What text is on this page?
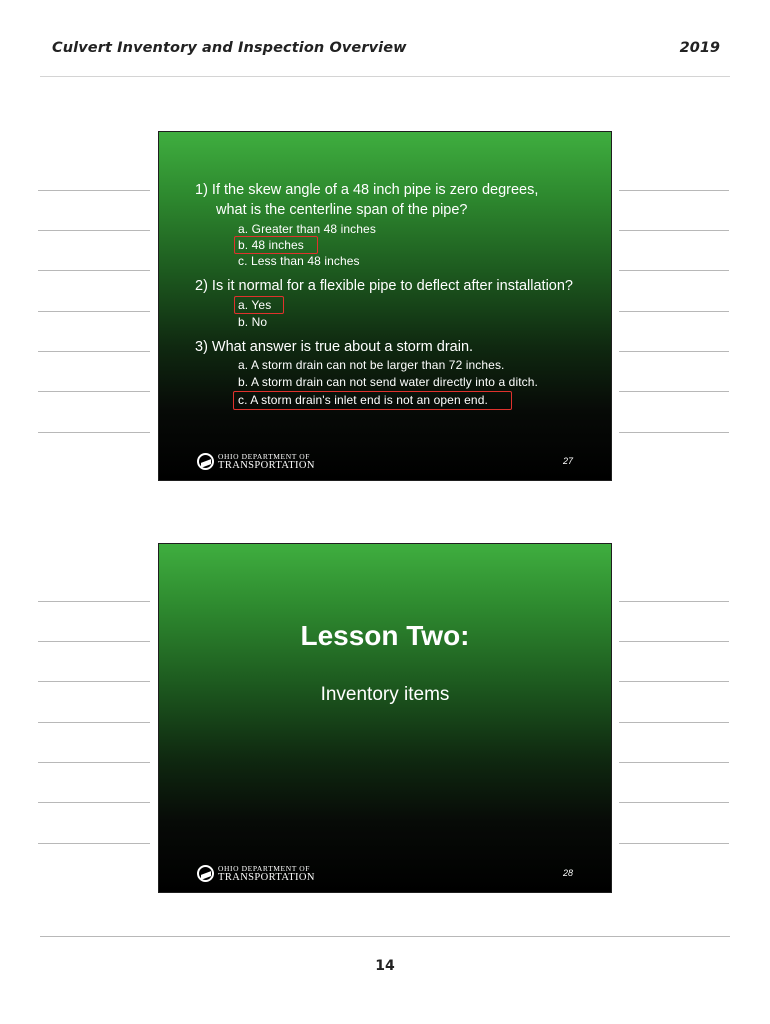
Culvert Inventory and Inspection Overview	2019
1) If the skew angle of a 48 inch pipe is zero degrees,
what is the centerline span of the pipe?
a. Greater than 48 inches
b. 48 inches
c. Less than 48 inches
2) Is it normal for a flexible pipe to deflect after installation?
a. Yes
b. No
3) What answer is true about a storm drain.
a. A storm drain can not be larger than 72 inches.
b. A storm drain can not send water directly into a ditch.
c. A storm drain's inlet end is not an open end.
OHIO DEPARTMENT OF
TRANSPORTATION	27
Lesson Two:
Inventory items
OHIO DEPARTMENT OF
TRANSPORTATION	28
14
